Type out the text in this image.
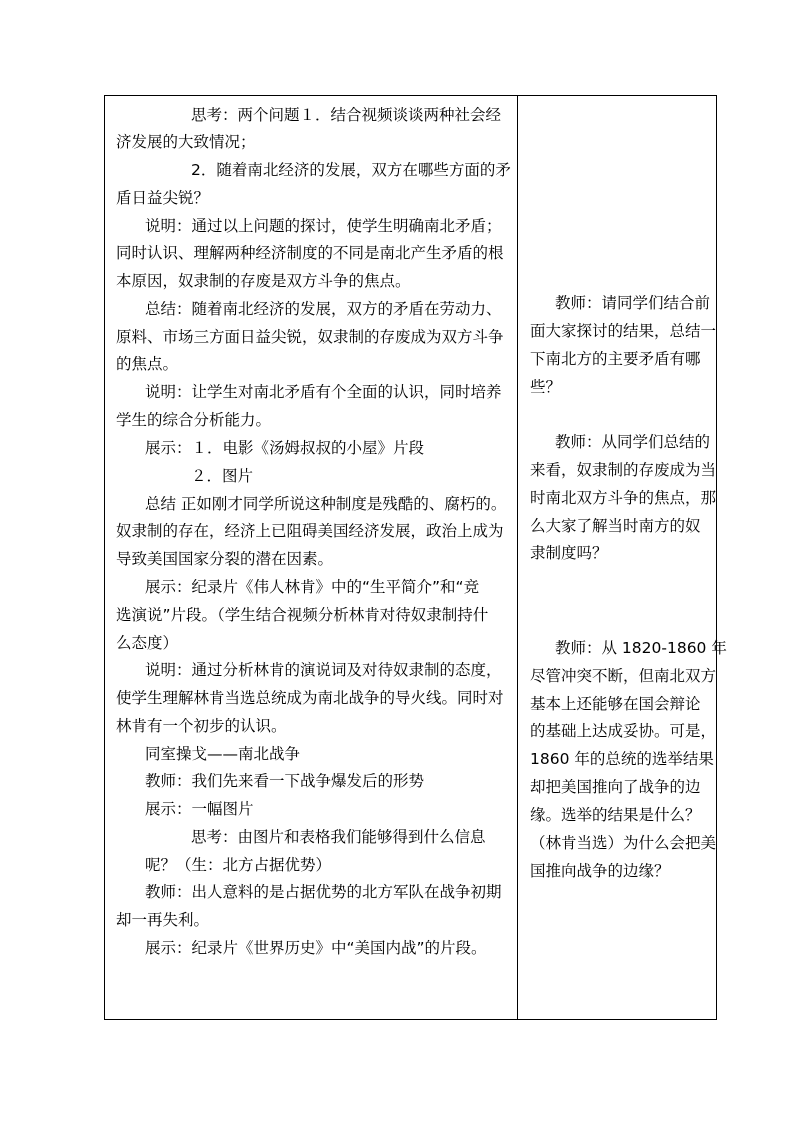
思考：两个问题１．结合视频谈谈两种社会经
济发展的大致情况；
2．随着南北经济的发展，双方在哪些方面的矛
盾日益尖锐？
说明：通过以上问题的探讨，使学生明确南北矛盾；
同时认识、理解两种经济制度的不同是南北产生矛盾的根
本原因，奴隶制的存废是双方斗争的焦点。
总结：随着南北经济的发展，双方的矛盾在劳动力、
原料、市场三方面日益尖锐，奴隶制的存废成为双方斗争
的焦点。
说明：让学生对南北矛盾有个全面的认识，同时培养
学生的综合分析能力。
展示：１．电影《汤姆叔叔的小屋》片段
２．图片
总结 正如刚才同学所说这种制度是残酷的、腐朽的。
奴隶制的存在，经济上已阻碍美国经济发展，政治上成为
导致美国国家分裂的潜在因素。
展示：纪录片《伟人林肯》中的“生平简介”和“竞
选演说”片段。（学生结合视频分析林肯对待奴隶制持什
么态度）
说明：通过分析林肯的演说词及对待奴隶制的态度，
使学生理解林肯当选总统成为南北战争的导火线。同时对
林肯有一个初步的认识。
同室操戈——南北战争
教师：我们先来看一下战争爆发后的形势
展示：一幅图片
思考：由图片和表格我们能够得到什么信息
呢？（生：北方占据优势）
教师：出人意料的是占据优势的北方军队在战争初期
却一再失利。
展示：纪录片《世界历史》中“美国内战”的片段。
教师：请同学们结合前
面大家探讨的结果，总结一
下南北方的主要矛盾有哪
些？
教师：从同学们总结的
来看，奴隶制的存废成为当
时南北双方斗争的焦点，那
么大家了解当时南方的奴
隶制度吗？
教师：从 1820-1860 年
尽管冲突不断，但南北双方
基本上还能够在国会辩论
的基础上达成妥协。可是，
1860 年的总统的选举结果
却把美国推向了战争的边
缘。选举的结果是什么？
（林肯当选）为什么会把美
国推向战争的边缘？
